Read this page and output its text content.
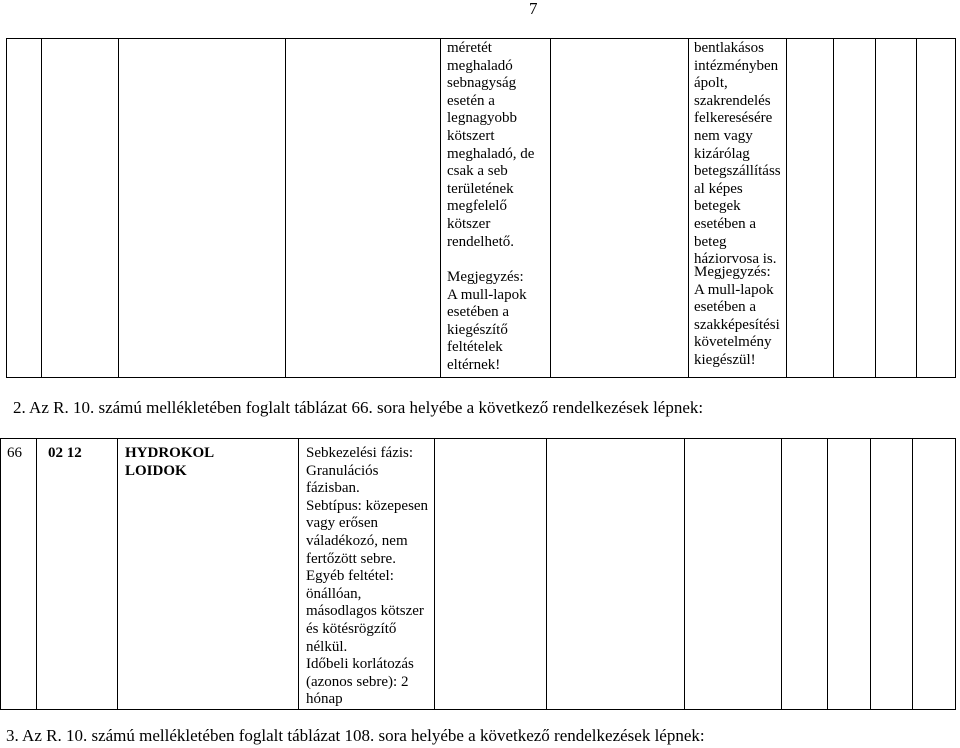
7
méretét
meghaladó
sebnagyság
esetén a
legnagyobb
kötszert
meghaladó, de
csak a seb
területének
megfelelő
kötszer
rendelhető.
Megjegyzés:
A mull-lapok
esetében a
kiegészítő
feltételek
eltérnek!
bentlakásos
intézményben
ápolt,
szakrendelés
felkeresésére
nem vagy
kizárólag
betegszállításs
al képes
betegek
esetében a
beteg
háziorvosa is.
Megjegyzés:
A mull-lapok
esetében a
szakképesítési
követelmény
kiegészül!
2. Az R. 10. számú mellékletében foglalt táblázat 66. sora helyébe a következő rendelkezések lépnek:
66 02 12	HYDROKOL
LOIDOK
Sebkezelési fázis:
Granulációs
fázisban.
Sebtípus: közepesen
vagy erősen
váladékozó, nem
fertőzött sebre.
Egyéb feltétel:
önállóan,
másodlagos kötszer
és kötésrögzítő
nélkül.
Időbeli korlátozás
(azonos sebre): 2
hónap
3. Az R. 10. számú mellékletében foglalt táblázat 108. sora helyébe a következő rendelkezések lépnek:
